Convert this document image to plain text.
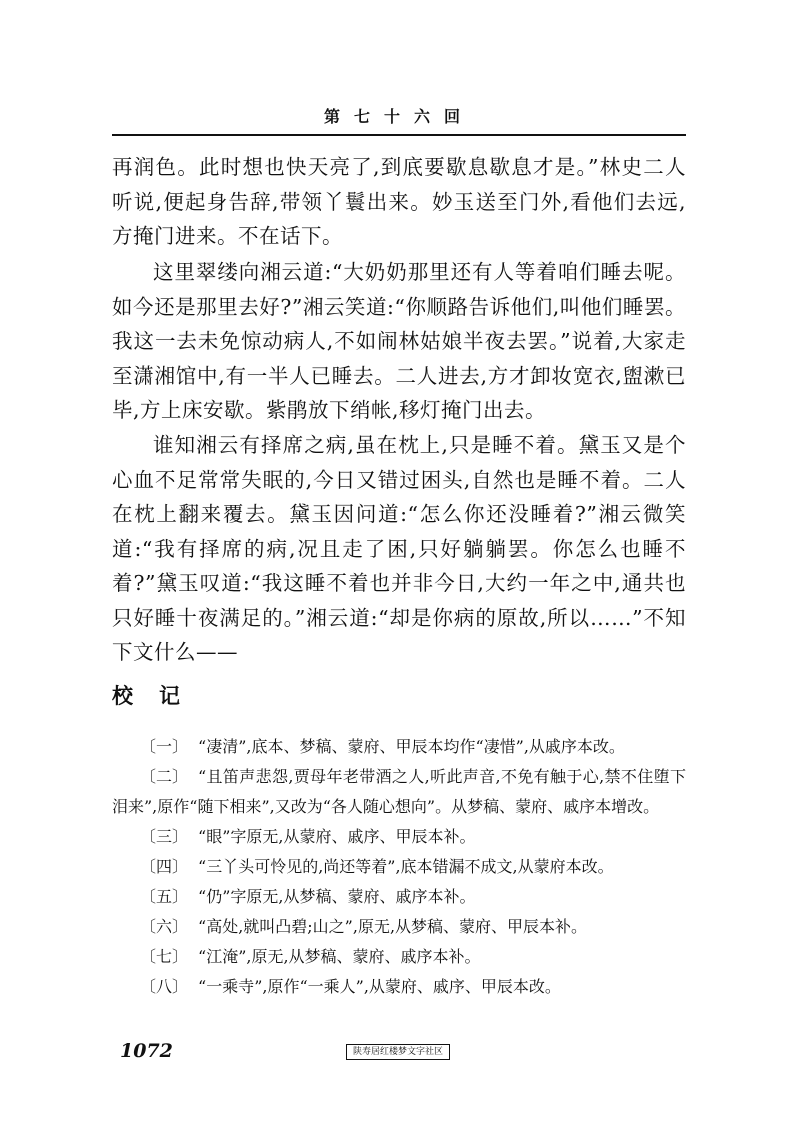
第七十六回

再润色。此时想也快天亮了,到底要歇息歇息才是。”林史二人听说,便起身告辞,带领丫鬟出来。妙玉送至门外,看他们去远,方掩门进来。不在话下。

这里翠缕向湘云道:“大奶奶那里还有人等着咱们睡去呢。如今还是那里去好?”湘云笑道:“你顺路告诉他们,叫他们睡罢。我这一去未免惊动病人,不如闹林姑娘半夜去罢。”说着,大家走至潇湘馆中,有一半人已睡去。二人进去,方才卸妆宽衣,盥漱已毕,方上床安歇。紫鹃放下绡帐,移灯掩门出去。

谁知湘云有择席之病,虽在枕上,只是睡不着。黛玉又是个心血不足常常失眠的,今日又错过困头,自然也是睡不着。二人在枕上翻来覆去。黛玉因问道:“怎么你还没睡着?”湘云微笑道:“我有择席的病,况且走了困,只好躺躺罢。你怎么也睡不着?”黛玉叹道:“我这睡不着也并非今日,大约一年之中,通共也只好睡十夜满足的。”湘云道:“却是你病的原故,所以……”不知下文什么——

校记

〔一〕 “凄清”,底本、梦稿、蒙府、甲辰本均作“凄惜”,从戚序本改。

〔二〕 “且笛声悲怨,贾母年老带酒之人,听此声音,不免有触于心,禁不住堕下泪来”,原作“随下相来”,又改为“各人随心想向”。从梦稿、蒙府、戚序本增改。

〔三〕 “眼”字原无,从蒙府、戚序、甲辰本补。

〔四〕 “三丫头可怜见的,尚还等着”,底本错漏不成文,从蒙府本改。

〔五〕 “仍”字原无,从梦稿、蒙府、戚序本补。

〔六〕 “高处,就叫凸碧;山之”,原无,从梦稿、蒙府、甲辰本补。

〔七〕 “江淹”,原无,从梦稿、蒙府、戚序本补。

〔八〕 “一乘寺”,原作“一乘人”,从蒙府、戚序、甲辰本改。

1072	陕寿居红楼梦文字社区
